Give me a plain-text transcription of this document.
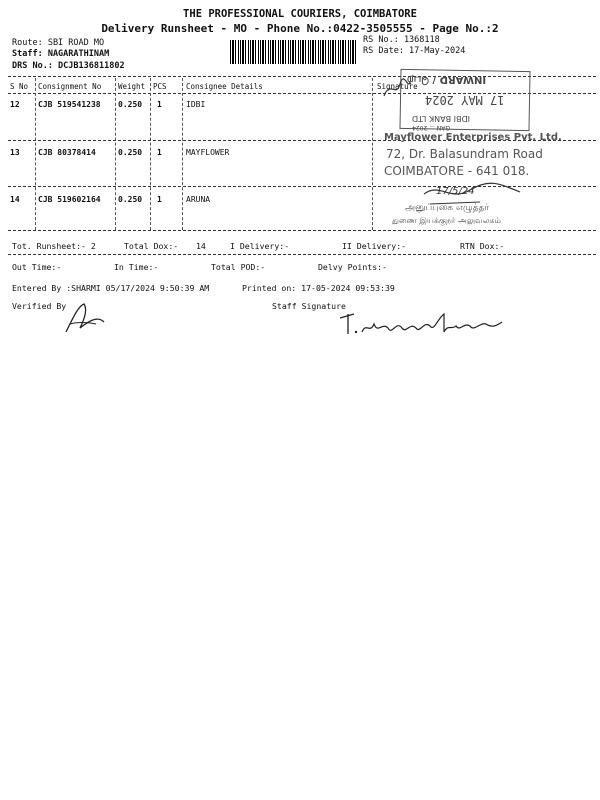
THE PROFESSIONAL COURIERS, COIMBATORE
Delivery Runsheet - MO - Phone No.:0422-3505555 - Page No.:2
Route: SBI ROAD MO
Staff: NAGARATHINAM
DRS No.: DCJB136811802
RS No.: 1368118
RS Date: 17-May-2024
S No Consignment No Weight PCS	Consignee Details	Signature
12 CJB 519541238 0.250 1	IDBI
13 CJB 80378414	0.250 1	MAYFLOWER
14 CJB 519602164 0.250 1	ARUNA
Tot. Runsheet:- 2	Total Dox:- 14	I Delivery:-	II Delivery:-	RTN Dox:-
Out Time:-	In Time:-	Total POD:-	Delvy Points:-
Entered By :SHARMI 05/17/2024 9:50:39 AM	Printed on: 17-05-2024 09:53:39
Verified By	Staff Signature
INWARD / பெற்
17 MAY 2024
IDBI BANK LTD
GAN ... 2024
Mayflower Enterprises Pvt. Ltd.
72, Dr. Balasundram Road
COIMBATORE - 641 018.
17/5/24
அனுப்புகை எழுத்தர்
துணை இயக்குநர் அலுவலகம்
